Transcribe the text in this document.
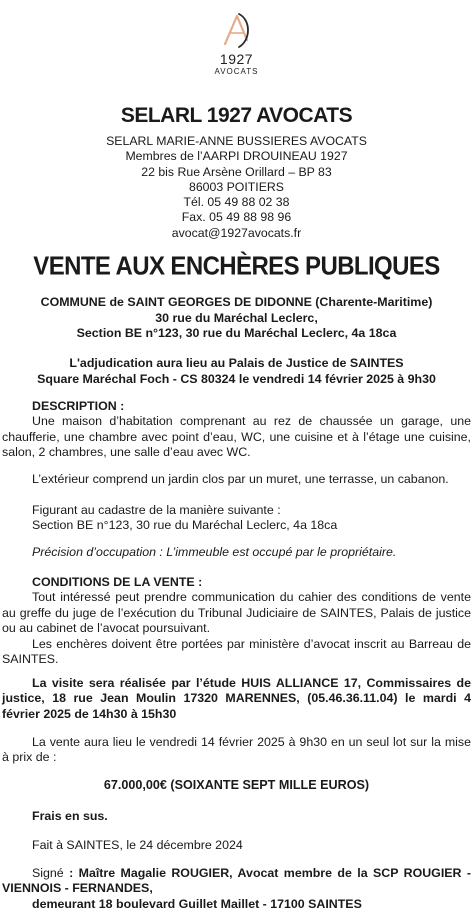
1927
AVOCATS
SELARL 1927 AVOCATS
SELARL MARIE-ANNE BUSSIERES AVOCATS
Membres de l’AARPI DROUINEAU 1927
22 bis Rue Arsène Orillard – BP 83
86003 POITIERS
Tél. 05 49 88 02 38
Fax. 05 49 88 98 96
avocat@1927avocats.fr
VENTE AUX ENCHÈRES PUBLIQUES
COMMUNE de SAINT GEORGES DE DIDONNE (Charente-Maritime)
30 rue du Maréchal Leclerc,
Section BE n°123, 30 rue du Maréchal Leclerc, 4a 18ca
L'adjudication aura lieu au Palais de Justice de SAINTES
Square Maréchal Foch - CS 80324 le vendredi 14 février 2025 à 9h30

DESCRIPTION :

Une maison d’habitation comprenant au rez de chaussée un garage, une chaufferie, une chambre avec point d’eau, WC, une cuisine et à l’étage une cuisine, salon, 2 chambres, une salle d’eau avec WC.

L’extérieur comprend un jardin clos par un muret, une terrasse, un cabanon.

Figurant au cadastre de la manière suivante :

Section BE n°123, 30 rue du Maréchal Leclerc, 4a 18ca

Précision d’occupation : L’immeuble est occupé par le propriétaire.

CONDITIONS DE LA VENTE :

Tout intéressé peut prendre communication du cahier des conditions de vente au greffe du juge de l’exécution du Tribunal Judiciaire de SAINTES, Palais de justice ou au cabinet de l’avocat poursuivant.

Les enchères doivent être portées par ministère d’avocat inscrit au Barreau de SAINTES.

La visite sera réalisée par l’étude HUIS ALLIANCE 17, Commissaires de justice, 18 rue Jean Moulin 17320 MARENNES, (05.46.36.11.04) le mardi 4 février 2025 de 14h30 à 15h30

La vente aura lieu le vendredi 14 février 2025 à 9h30 en un seul lot sur la mise à prix de :

67.000,00€ (SOIXANTE SEPT MILLE EUROS)

Frais en sus.

Fait à SAINTES, le 24 décembre 2024

Signé : Maître Magalie ROUGIER, Avocat membre de la SCP ROUGIER - VIENNOIS - FERNANDES,

demeurant 18 boulevard Guillet Maillet - 17100 SAINTES
